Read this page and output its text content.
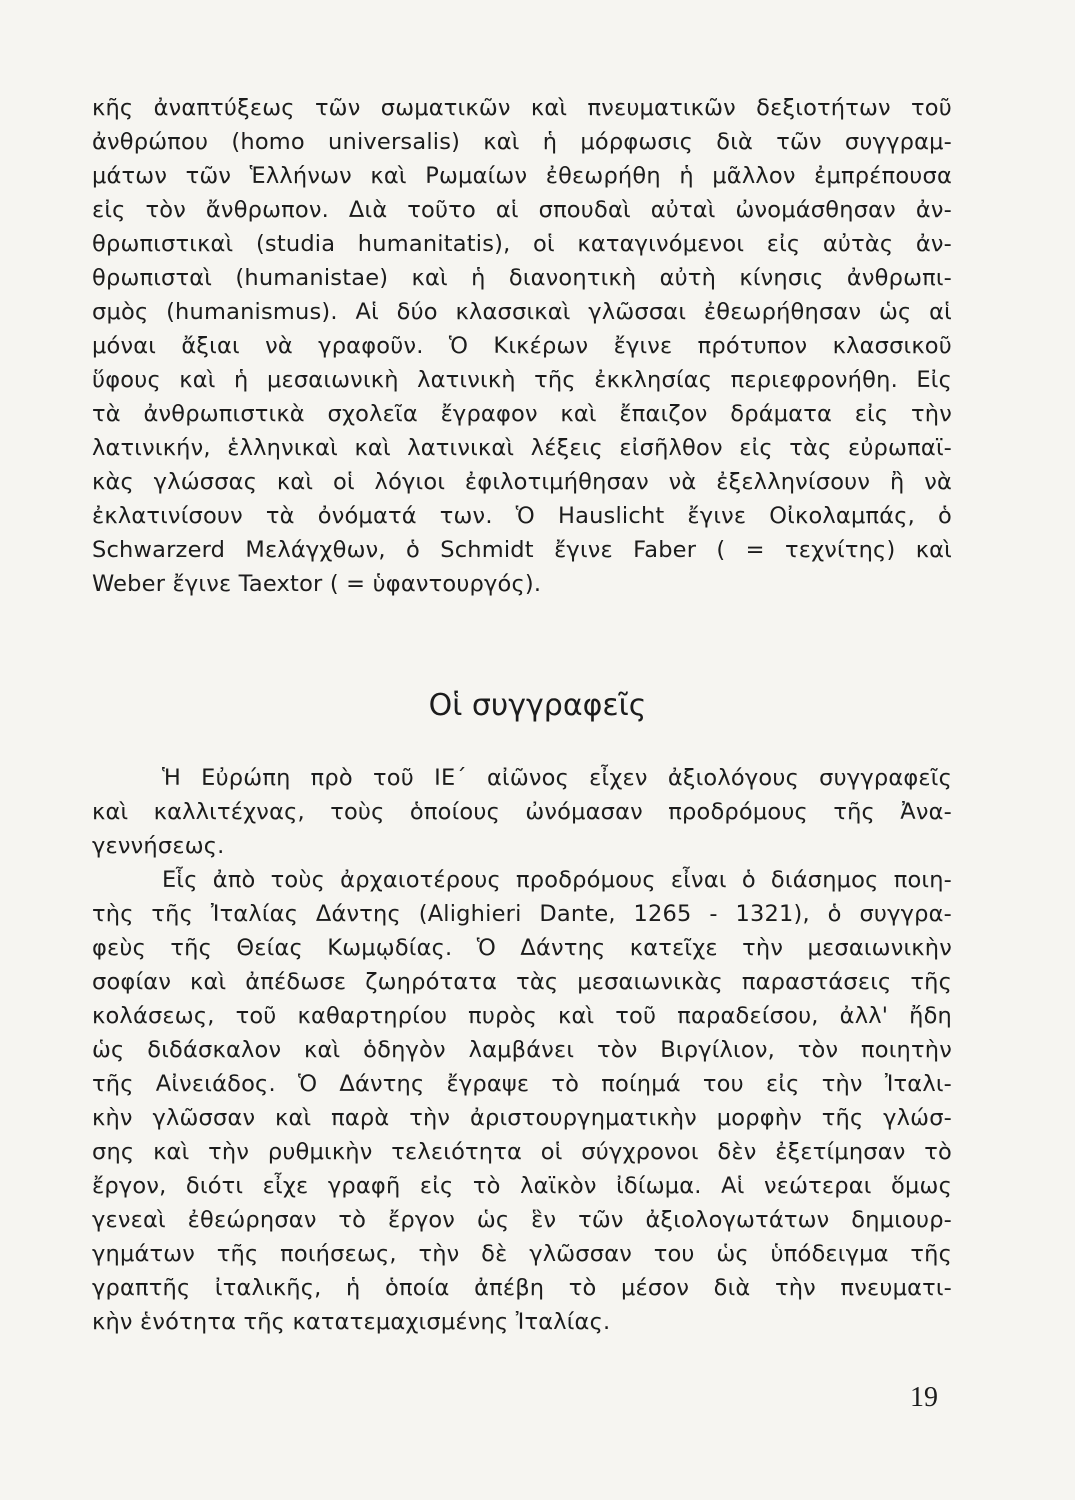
κῆς ἀναπτύξεως τῶν σωματικῶν καὶ πνευματικῶν δεξιοτήτων τοῦ
ἀνθρώπου (homo universalis) καὶ ἡ μόρφωσις διὰ τῶν συγγραμ-
μάτων τῶν Ἑλλήνων καὶ Ρωμαίων ἐθεωρήθη ἡ μᾶλλον ἐμπρέπουσα
εἰς τὸν ἄνθρωπον. Διὰ τοῦτο αἱ σπουδαὶ αὐταὶ ὠνομάσθησαν ἀν-
θρωπιστικαὶ (studia humanitatis), οἱ καταγινόμενοι εἰς αὐτὰς ἀν-
θρωπισταὶ (humanistae) καὶ ἡ διανοητικὴ αὐτὴ κίνησις ἀνθρωπι-
σμὸς (humanismus). Αἱ δύο κλασσικαὶ γλῶσσαι ἐθεωρήθησαν ὡς αἱ
μόναι ἄξιαι νὰ γραφοῦν. Ὁ Κικέρων ἔγινε πρότυπον κλασσικοῦ
ὕφους καὶ ἡ μεσαιωνικὴ λατινικὴ τῆς ἐκκλησίας περιεφρονήθη. Εἰς
τὰ ἀνθρωπιστικὰ σχολεῖα ἔγραφον καὶ ἔπαιζον δράματα εἰς τὴν
λατινικήν, ἑλληνικαὶ καὶ λατινικαὶ λέξεις εἰσῆλθον εἰς τὰς εὐρωπαϊ-
κὰς γλώσσας καὶ οἱ λόγιοι ἐφιλοτιμήθησαν νὰ ἐξελληνίσουν ἢ νὰ
ἐκλατινίσουν τὰ ὀνόματά των. Ὁ Hauslicht ἔγινε Οἰκολαμπάς, ὁ
Schwarzerd Μελάγχθων, ὁ Schmidt ἔγινε Faber ( = τεχνίτης) καὶ
Weber ἔγινε Taextor ( = ὑφαντουργός).
Οἱ συγγραφεῖς
Ἡ Εὐρώπη πρὸ τοῦ ΙΕ΄ αἰῶνος εἶχεν ἀξιολόγους συγγραφεῖς
καὶ καλλιτέχνας, τοὺς ὁποίους ὠνόμασαν προδρόμους τῆς Ἀνα-
γεννήσεως.
Εἷς ἀπὸ τοὺς ἀρχαιοτέρους προδρόμους εἶναι ὁ διάσημος ποιη-
τὴς τῆς Ἰταλίας Δάντης (Alighieri Dante, 1265 - 1321), ὁ συγγρα-
φεὺς τῆς Θείας Κωμῳδίας. Ὁ Δάντης κατεῖχε τὴν μεσαιωνικὴν
σοφίαν καὶ ἀπέδωσε ζωηρότατα τὰς μεσαιωνικὰς παραστάσεις τῆς
κολάσεως, τοῦ καθαρτηρίου πυρὸς καὶ τοῦ παραδείσου, ἀλλ' ἤδη
ὡς διδάσκαλον καὶ ὁδηγὸν λαμβάνει τὸν Βιργίλιον, τὸν ποιητὴν
τῆς Αἰνειάδος. Ὁ Δάντης ἔγραψε τὸ ποίημά του εἰς τὴν Ἰταλι-
κὴν γλῶσσαν καὶ παρὰ τὴν ἀριστουργηματικὴν μορφὴν τῆς γλώσ-
σης καὶ τὴν ρυθμικὴν τελειότητα οἱ σύγχρονοι δὲν ἐξετίμησαν τὸ
ἔργον, διότι εἶχε γραφῆ εἰς τὸ λαϊκὸν ἰδίωμα. Αἱ νεώτεραι ὅμως
γενεαὶ ἐθεώρησαν τὸ ἔργον ὡς ἓν τῶν ἀξιολογωτάτων δημιουρ-
γημάτων τῆς ποιήσεως, τὴν δὲ γλῶσσαν του ὡς ὑπόδειγμα τῆς
γραπτῆς ἰταλικῆς, ἡ ὁποία ἀπέβη τὸ μέσον διὰ τὴν πνευματι-
κὴν ἑνότητα τῆς κατατεμαχισμένης Ἰταλίας.
19
